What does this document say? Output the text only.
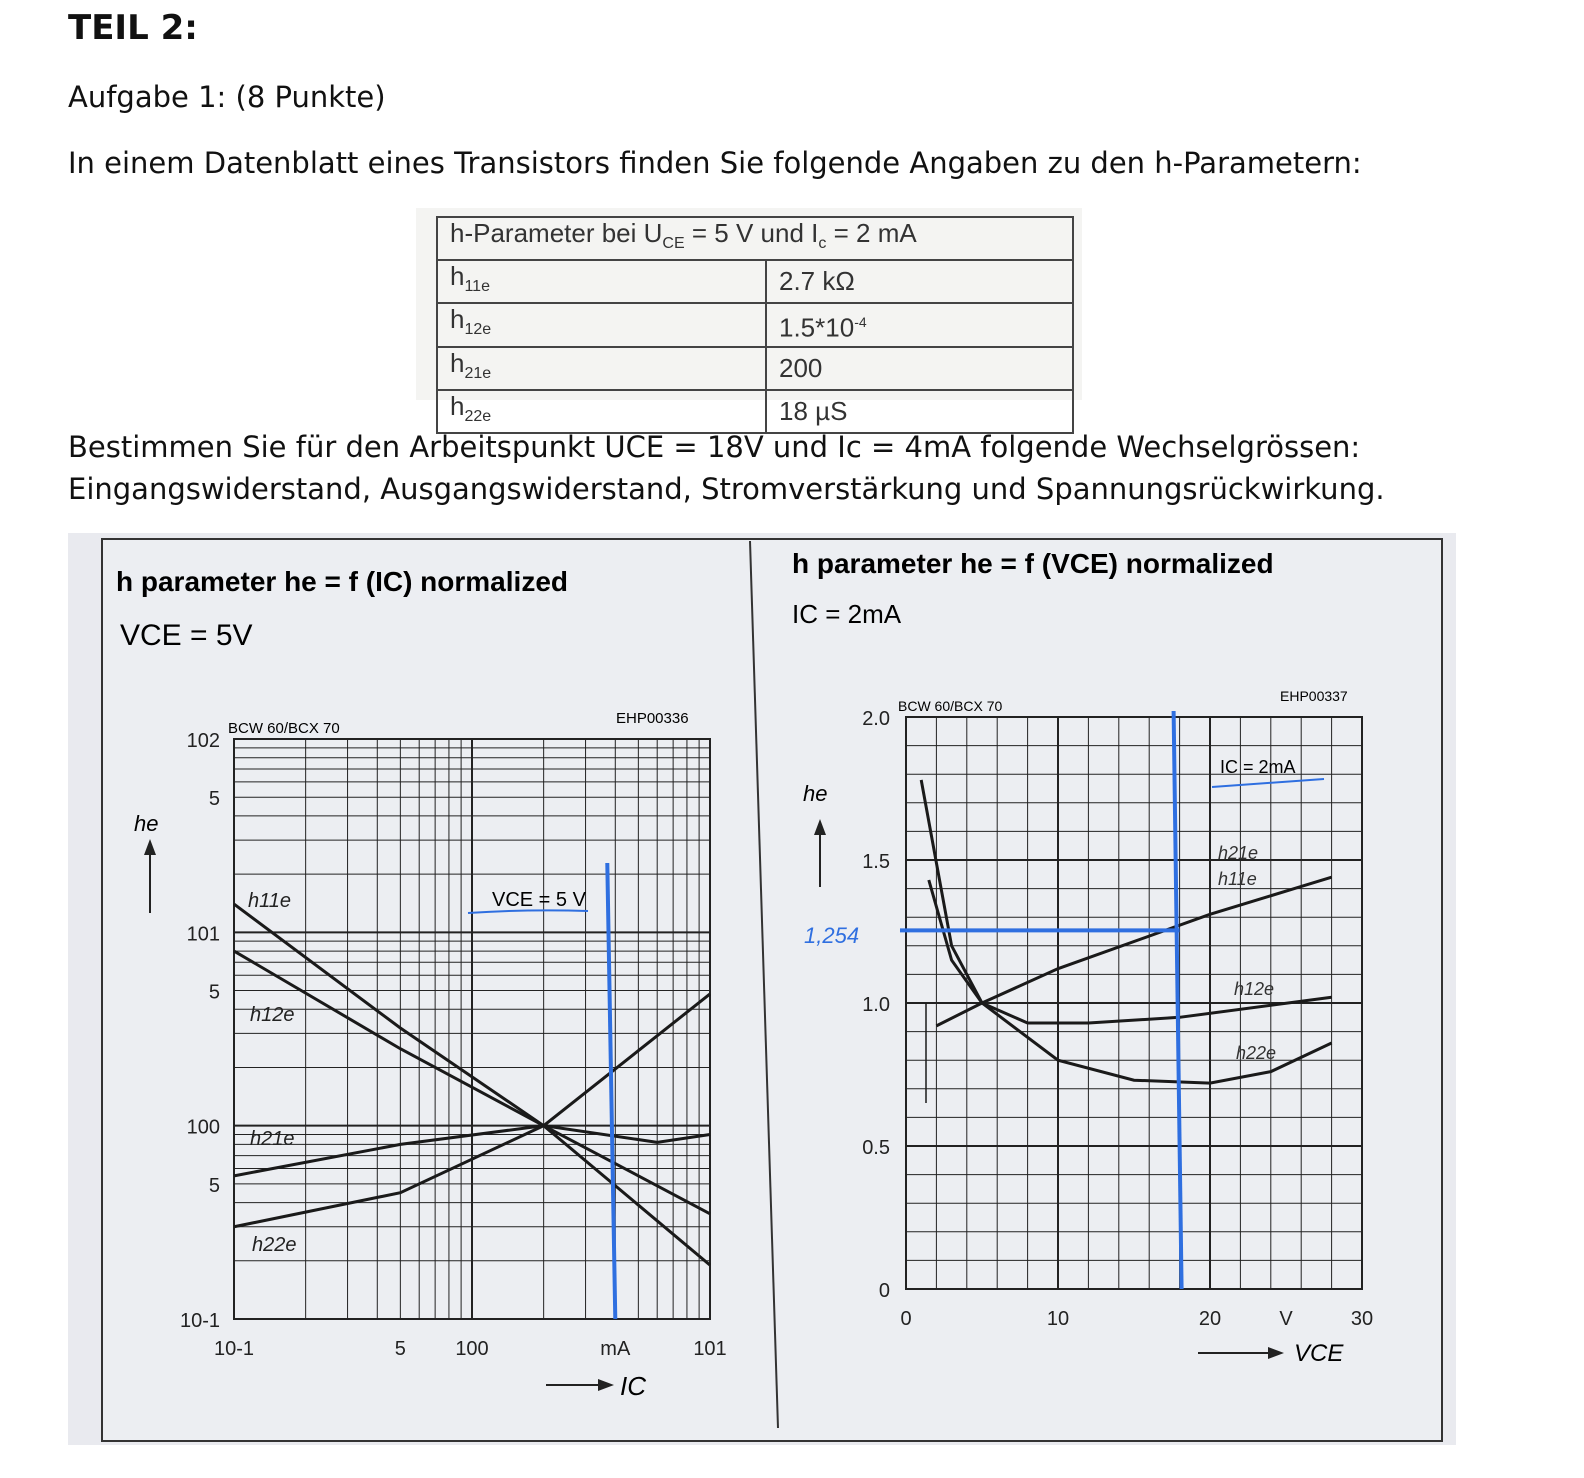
TEIL 2:
Aufgabe 1: (8 Punkte)
In einem Datenblatt eines Transistors finden Sie folgende Angaben zu den h-Parametern:
h-Parameter bei $U_{CE} = 5$ V und $I_c = 2$ mA	
$h_{11e}$	2.7 kΩ
$h_{12e}$	$1.5*10^{-4}$
$h_{21e}$	200
$h_{22e}$	18 µS
Bestimmen Sie für den Arbeitspunkt UCE = 18V und Ic = 4mA folgende Wechselgrössen:
Eingangswiderstand, Ausgangswiderstand, Stromverstärkung und Spannungsrückwirkung.
h parameter he = f (IC) normalized
VCE = 5V
BCW 60/BCX 70
EHP00336
he
IC
102
5
101
5
100
5
10-1
10-1	5 100	mA	101
h11e
h12e
h21e
h22e
VCE = 5 V
h parameter he = f (VCE) normalized
IC = 2mA
BCW 60/BCX 70
EHP00337
he
VCE
2.0
1.5
1.0
0.5
0
0	10	20	V	30
h21e
h11e
h12e
h22e
IC = 2mA
1,254
